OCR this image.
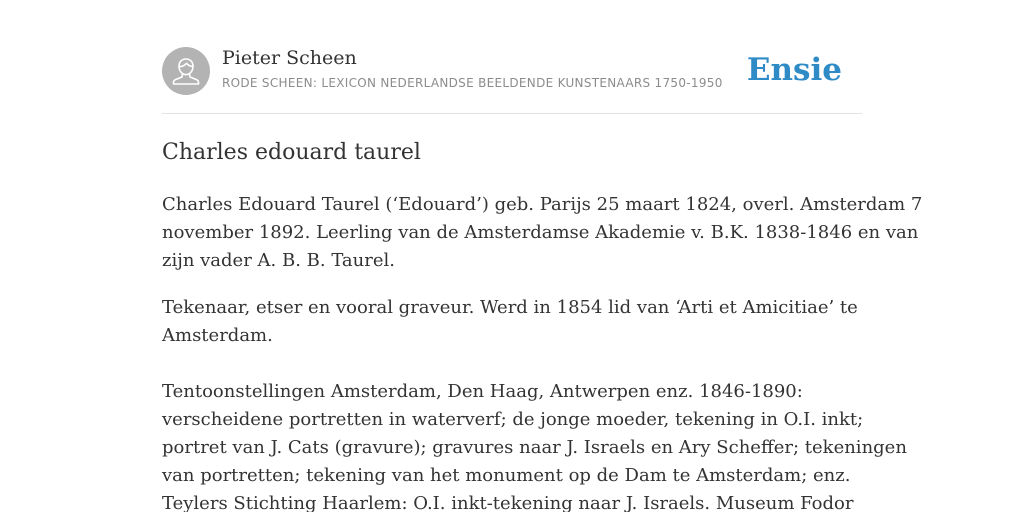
Pieter Scheen
RODE SCHEEN: LEXICON NEDERLANDSE BEELDENDE KUNSTENAARS 1750-1950 Ensie
Charles edouard taurel

Charles Edouard Taurel (‘Edouard’) geb. Parijs 25 maart 1824, overl. Amsterdam 7
november 1892. Leerling van de Amsterdamse Akademie v. B.K. 1838-1846 en van
zijn vader A. B. B. Taurel.

Tekenaar, etser en vooral graveur. Werd in 1854 lid van ‘Arti et Amicitiae’ te
Amsterdam.

Tentoonstellingen Amsterdam, Den Haag, Antwerpen enz. 1846-1890:
verscheidene portretten in waterverf; de jonge moeder, tekening in O.I. inkt;
portret van J. Cats (gravure); gravures naar J. Israels en Ary Scheffer; tekeningen
van portretten; tekening van het monument op de Dam te Amsterdam; enz.
Teylers Stichting Haarlem: O.I. inkt-tekening naar J. Israels. Museum Fodor
